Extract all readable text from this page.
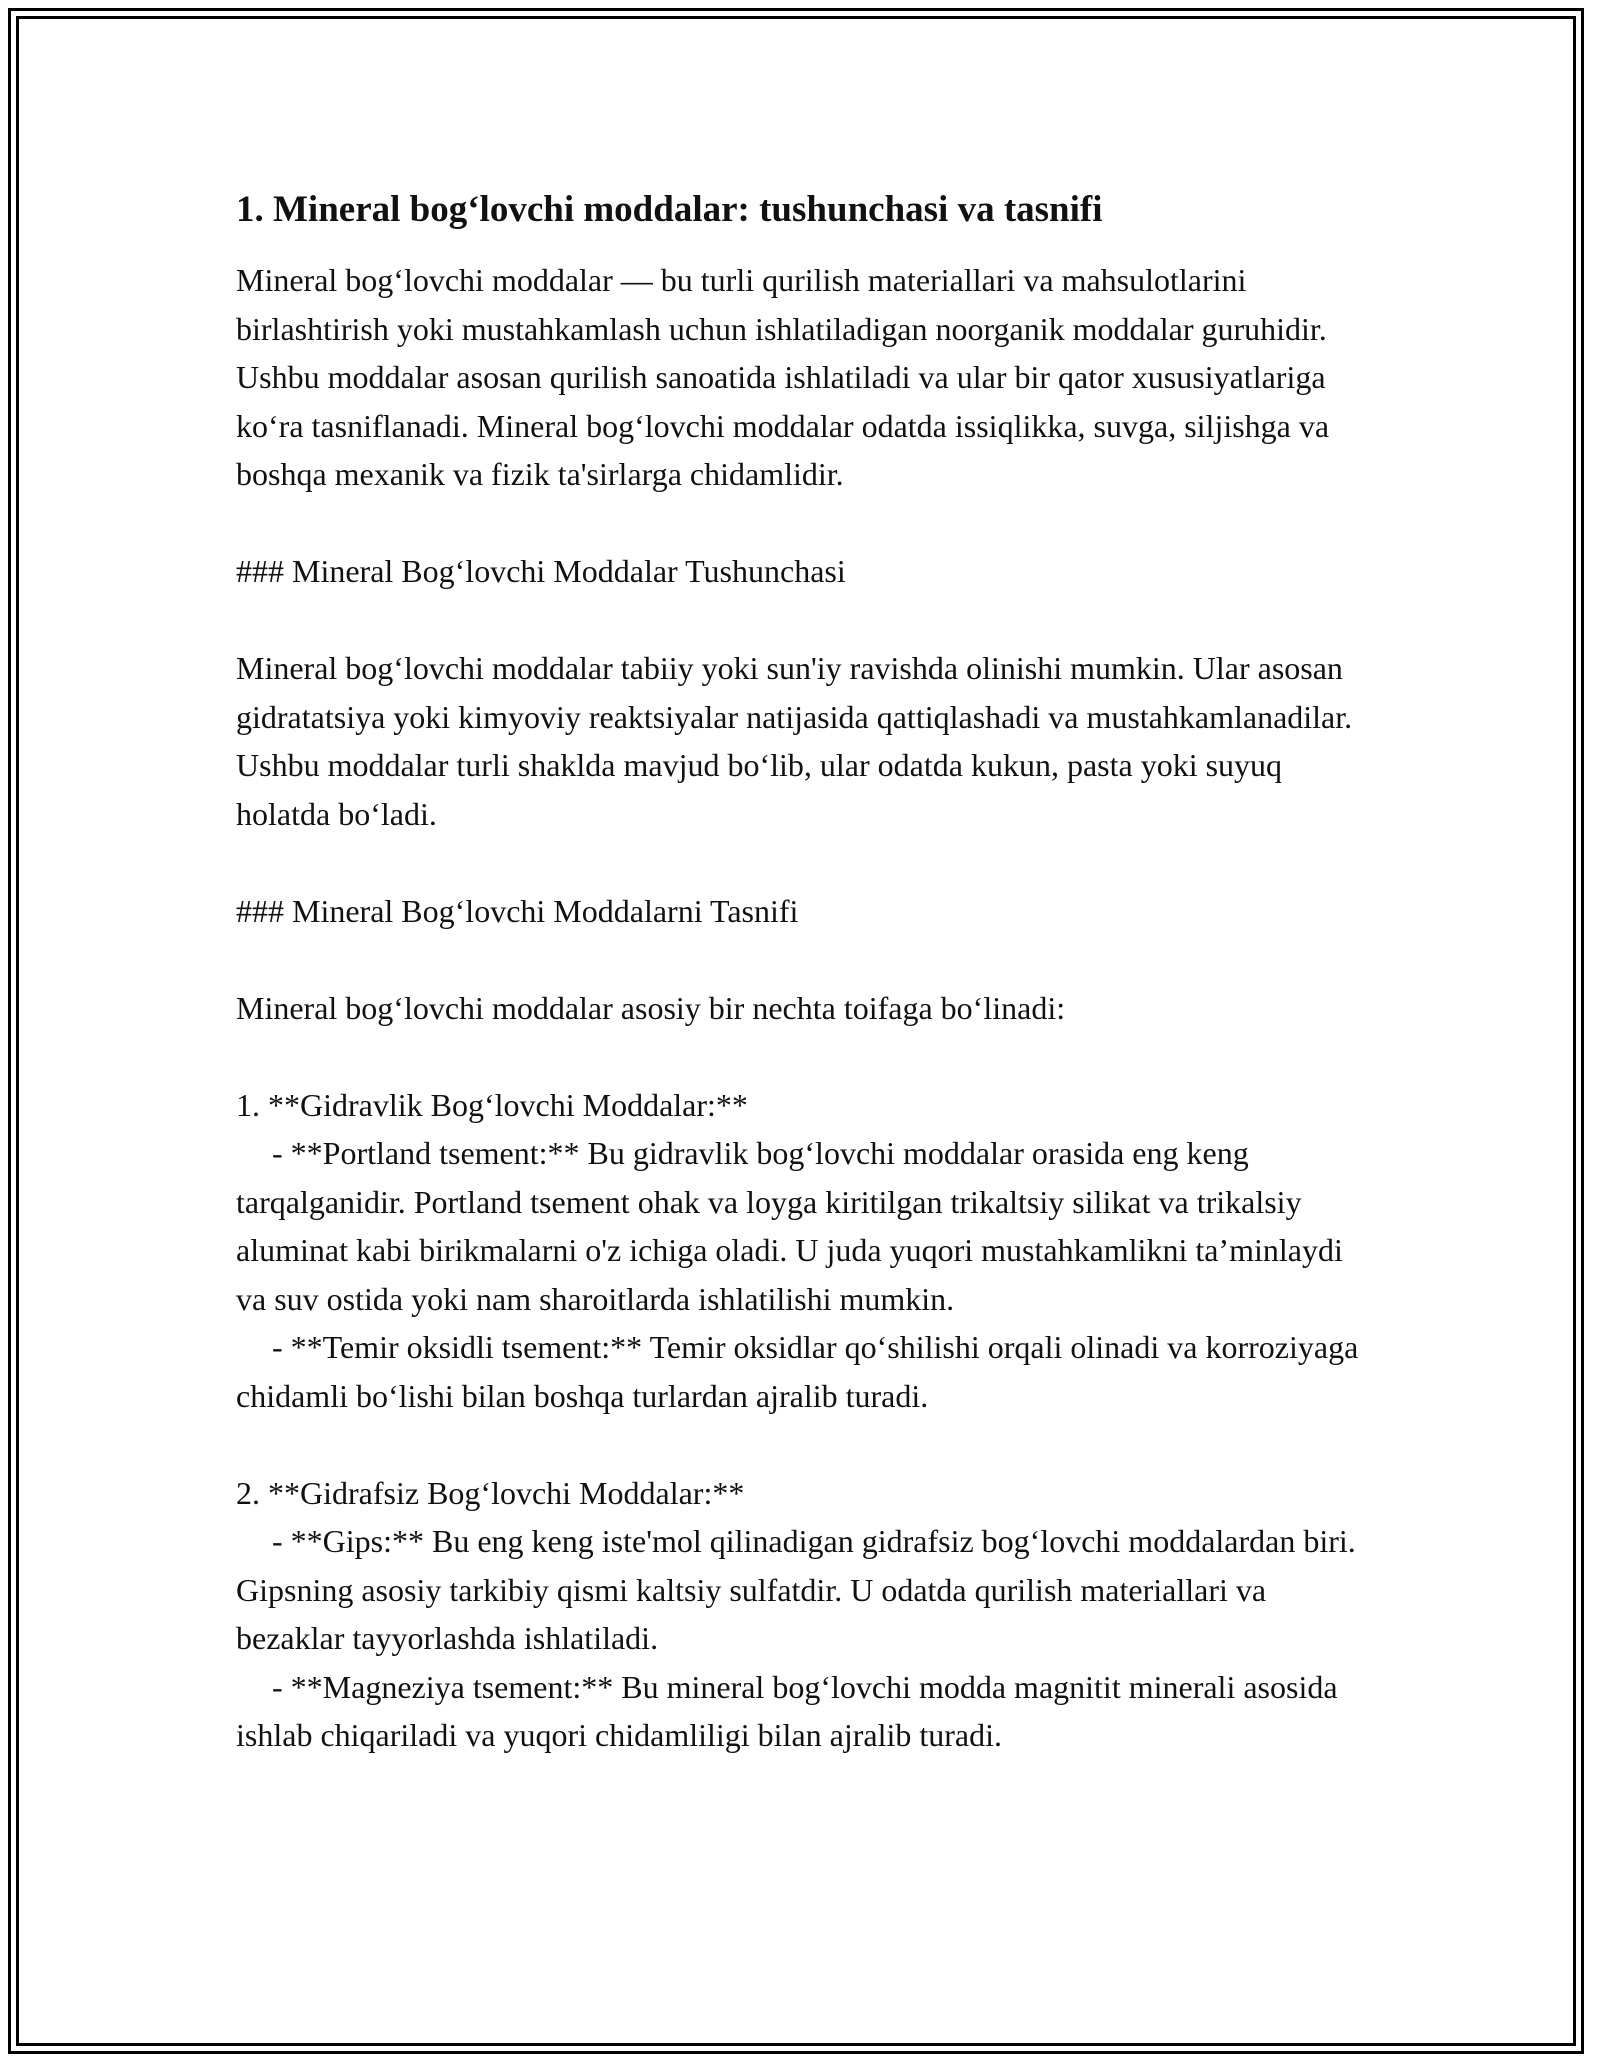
1. Mineral bog‘lovchi moddalar: tushunchasi va tasnifi

Mineral bog‘lovchi moddalar — bu turli qurilish materiallari va mahsulotlarini birlashtirish yoki mustahkamlash uchun ishlatiladigan noorganik moddalar guruhidir. Ushbu moddalar asosan qurilish sanoatida ishlatiladi va ular bir qator xususiyatlariga ko‘ra tasniflanadi. Mineral bog‘lovchi moddalar odatda issiqlikka, suvga, siljishga va boshqa mexanik va fizik ta'sirlarga chidamlidir.

### Mineral Bog‘lovchi Moddalar Tushunchasi

Mineral bog‘lovchi moddalar tabiiy yoki sun'iy ravishda olinishi mumkin. Ular asosan gidratatsiya yoki kimyoviy reaktsiyalar natijasida qattiqlashadi va mustahkamlanadilar. Ushbu moddalar turli shaklda mavjud bo‘lib, ular odatda kukun, pasta yoki suyuq holatda bo‘ladi.

### Mineral Bog‘lovchi Moddalarni Tasnifi

Mineral bog‘lovchi moddalar asosiy bir nechta toifaga bo‘linadi:

1. **Gidravlik Bog‘lovchi Moddalar:**

- **Portland tsement:** Bu gidravlik bog‘lovchi moddalar orasida eng keng tarqalganidir. Portland tsement ohak va loyga kiritilgan trikaltsiy silikat va trikalsiy aluminat kabi birikmalarni o'z ichiga oladi. U juda yuqori mustahkamlikni ta’minlaydi va suv ostida yoki nam sharoitlarda ishlatilishi mumkin.

- **Temir oksidli tsement:** Temir oksidlar qo‘shilishi orqali olinadi va korroziyaga chidamli bo‘lishi bilan boshqa turlardan ajralib turadi.

2. **Gidrafsiz Bog‘lovchi Moddalar:**

- **Gips:** Bu eng keng iste'mol qilinadigan gidrafsiz bog‘lovchi moddalardan biri. Gipsning asosiy tarkibiy qismi kaltsiy sulfatdir. U odatda qurilish materiallari va bezaklar tayyorlashda ishlatiladi.

- **Magneziya tsement:** Bu mineral bog‘lovchi modda magnitit minerali asosida ishlab chiqariladi va yuqori chidamliligi bilan ajralib turadi.
